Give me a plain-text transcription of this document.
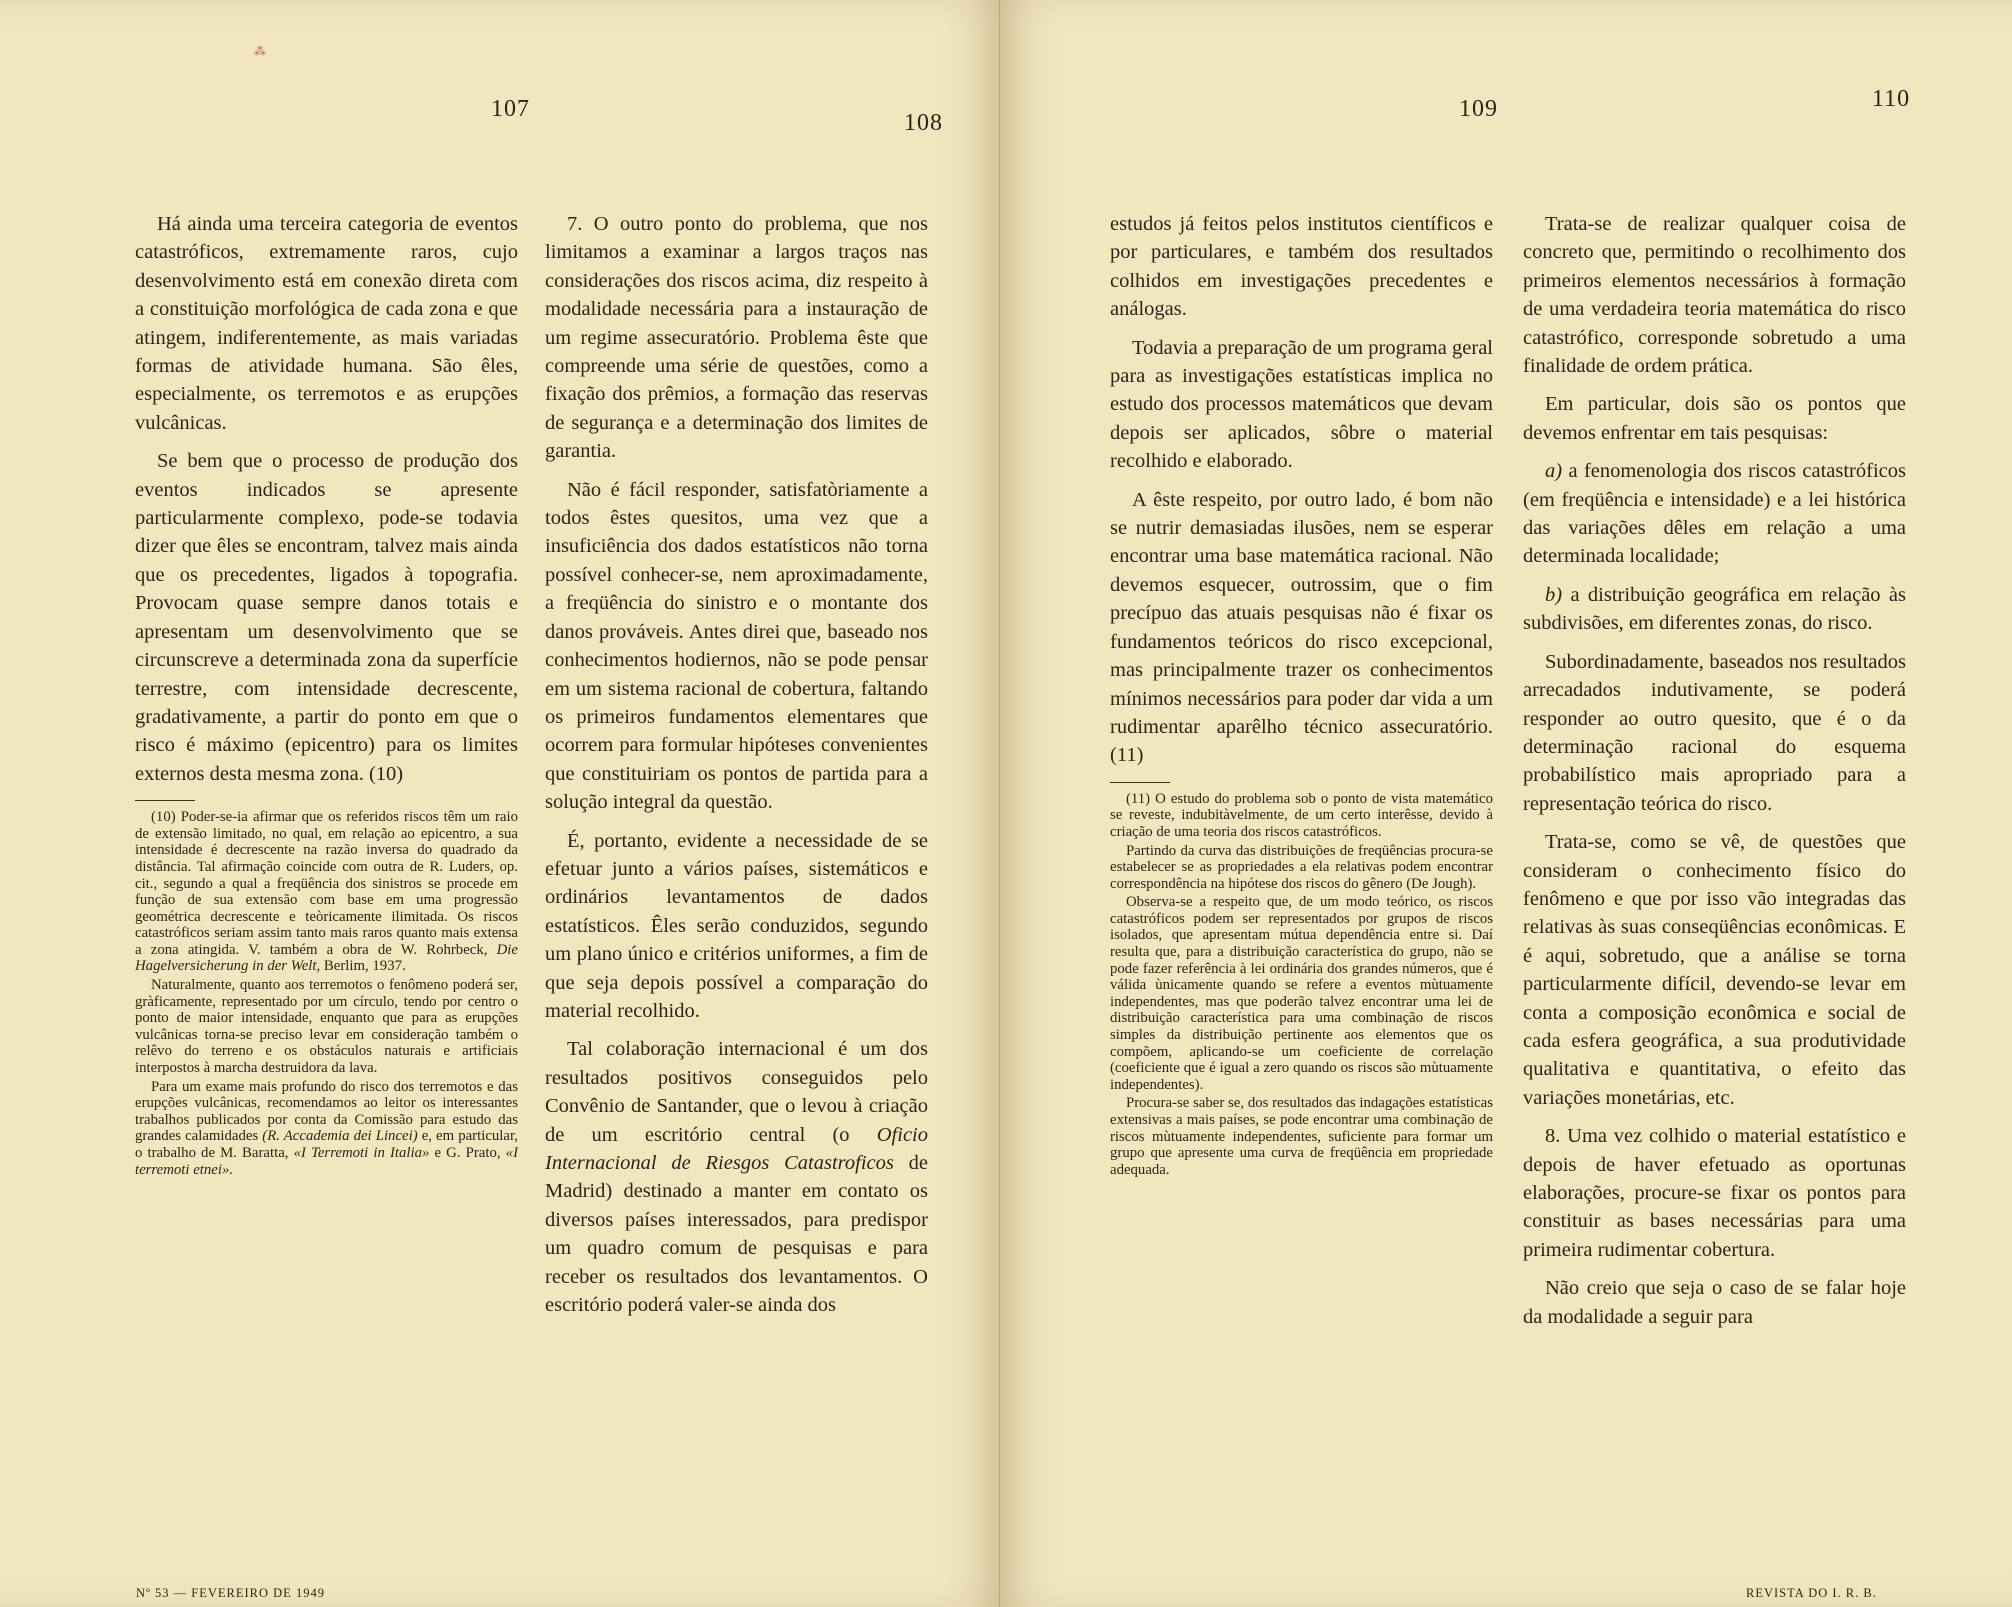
⁂
107
108

Há ainda uma terceira categoria de eventos catastróficos, extremamente raros, cujo desenvolvimento está em conexão direta com a constituição morfológica de cada zona e que atingem, indiferentemente, as mais variadas formas de atividade humana. São êles, especialmente, os terremotos e as erupções vulcânicas.

Se bem que o processo de produção dos eventos indicados se apresente particularmente complexo, pode-se todavia dizer que êles se encontram, talvez mais ainda que os precedentes, ligados à topografia. Provocam quase sempre danos totais e apresentam um desenvolvimento que se circunscreve a determinada zona da superfície terrestre, com intensidade decrescente, gradativamente, a partir do ponto em que o risco é máximo (epicentro) para os limites externos desta mesma zona. (10)

(10) Poder-se-ia afirmar que os referidos riscos têm um raio de extensão limitado, no qual, em relação ao epicentro, a sua intensidade é decrescente na razão inversa do quadrado da distância. Tal afirmação coincide com outra de R. Luders, op. cit., segundo a qual a freqüência dos sinistros se procede em função de sua extensão com base em uma progressão geométrica decrescente e teòricamente ilimitada. Os riscos catastróficos seriam assim tanto mais raros quanto mais extensa a zona atingida. V. também a obra de W. Rohrbeck, Die Hagelversicherung in der Welt, Berlim, 1937.

Naturalmente, quanto aos terremotos o fenômeno poderá ser, gràficamente, representado por um círculo, tendo por centro o ponto de maior intensidade, enquanto que para as erupções vulcânicas torna-se preciso levar em consideração também o relêvo do terreno e os obstáculos naturais e artificiais interpostos à marcha destruidora da lava.

Para um exame mais profundo do risco dos terremotos e das erupções vulcânicas, recomendamos ao leitor os interessantes trabalhos publicados por conta da Comissão para estudo das grandes calamidades (R. Accademia dei Lincei) e, em particular, o trabalho de M. Baratta, «I Terremoti in Italia» e G. Prato, «I terremoti etnei».

7. O outro ponto do problema, que nos limitamos a examinar a largos traços nas considerações dos riscos acima, diz respeito à modalidade necessária para a instauração de um regime assecuratório. Problema êste que compreende uma série de questões, como a fixação dos prêmios, a formação das reservas de segurança e a determinação dos limites de garantia.

Não é fácil responder, satisfatòriamente a todos êstes quesitos, uma vez que a insuficiência dos dados estatísticos não torna possível conhecer-se, nem aproximadamente, a freqüência do sinistro e o montante dos danos prováveis. Antes direi que, baseado nos conhecimentos hodiernos, não se pode pensar em um sistema racional de cobertura, faltando os primeiros fundamentos elementares que ocorrem para formular hipóteses convenientes que constituiriam os pontos de partida para a solução integral da questão.

É, portanto, evidente a necessidade de se efetuar junto a vários países, sistemáticos e ordinários levantamentos de dados estatísticos. Êles serão conduzidos, segundo um plano único e critérios uniformes, a fim de que seja depois possível a comparação do material recolhido.

Tal colaboração internacional é um dos resultados positivos conseguidos pelo Convênio de Santander, que o levou à criação de um escritório central (o Oficio Internacional de Riesgos Catastroficos de Madrid) destinado a manter em contato os diversos países interessados, para predispor um quadro comum de pesquisas e para receber os resultados dos levantamentos. O escritório poderá valer-se ainda dos

Nº 53 — FEVEREIRO DE 1949
109	110

estudos já feitos pelos institutos científicos e por particulares, e também dos resultados colhidos em investigações precedentes e análogas.

Todavia a preparação de um programa geral para as investigações estatísticas implica no estudo dos processos matemáticos que devam depois ser aplicados, sôbre o material recolhido e elaborado.

A êste respeito, por outro lado, é bom não se nutrir demasiadas ilusões, nem se esperar encontrar uma base matemática racional. Não devemos esquecer, outrossim, que o fim precípuo das atuais pesquisas não é fixar os fundamentos teóricos do risco excepcional, mas principalmente trazer os conhecimentos mínimos necessários para poder dar vida a um rudimentar aparêlho técnico assecuratório. (11)

(11) O estudo do problema sob o ponto de vista matemático se reveste, indubitàvelmente, de um certo interêsse, devido à criação de uma teoria dos riscos catastróficos.

Partindo da curva das distribuições de freqüências procura-se estabelecer se as propriedades a ela relativas podem encontrar correspondência na hipótese dos riscos do gênero (De Jough).

Observa-se a respeito que, de um modo teórico, os riscos catastróficos podem ser representados por grupos de riscos isolados, que apresentam mútua dependência entre si. Daí resulta que, para a distribuição característica do grupo, não se pode fazer referência à lei ordinária dos grandes números, que é válida ùnicamente quando se refere a eventos mùtuamente independentes, mas que poderão talvez encontrar uma lei de distribuição característica para uma combinação de riscos simples da distribuição pertinente aos elementos que os compõem, aplicando-se um coeficiente de correlação (coeficiente que é igual a zero quando os riscos são mùtuamente independentes).

Procura-se saber se, dos resultados das indagações estatísticas extensivas a mais países, se pode encontrar uma combinação de riscos mùtuamente independentes, suficiente para formar um grupo que apresente uma curva de freqüência em propriedade adequada.

Trata-se de realizar qualquer coisa de concreto que, permitindo o recolhimento dos primeiros elementos necessários à formação de uma verdadeira teoria matemática do risco catastrófico, corresponde sobretudo a uma finalidade de ordem prática.

Em particular, dois são os pontos que devemos enfrentar em tais pesquisas:

a) a fenomenologia dos riscos catastróficos (em freqüência e intensidade) e a lei histórica das variações dêles em relação a uma determinada localidade;

b) a distribuição geográfica em relação às subdivisões, em diferentes zonas, do risco.

Subordinadamente, baseados nos resultados arrecadados indutivamente, se poderá responder ao outro quesito, que é o da determinação racional do esquema probabilístico mais apropriado para a representação teórica do risco.

Trata-se, como se vê, de questões que consideram o conhecimento físico do fenômeno e que por isso vão integradas das relativas às suas conseqüências econômicas. E é aqui, sobretudo, que a análise se torna particularmente difícil, devendo-se levar em conta a composição econômica e social de cada esfera geográfica, a sua produtividade qualitativa e quantitativa, o efeito das variações monetárias, etc.

8. Uma vez colhido o material estatístico e depois de haver efetuado as oportunas elaborações, procure-se fixar os pontos para constituir as bases necessárias para uma primeira rudimentar cobertura.

Não creio que seja o caso de se falar hoje da modalidade a seguir para

REVISTA DO I. R. B.
